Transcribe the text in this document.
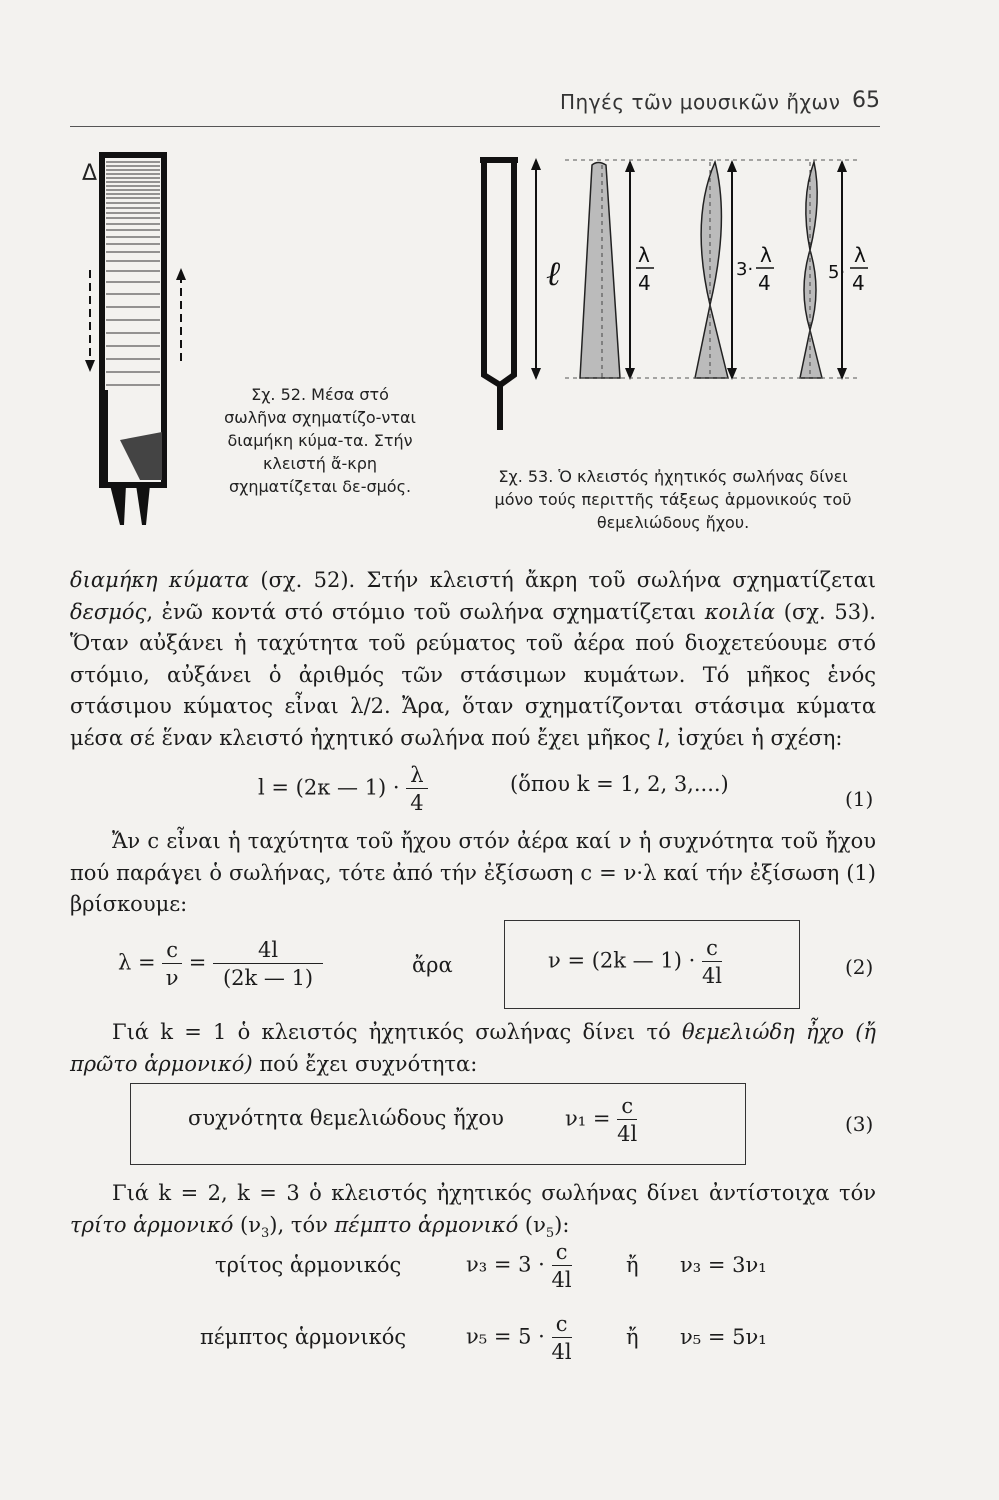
Πηγές τῶν μουσικῶν ἤχων 65
Δ
Σχ. 52. Μέσα στό σωλῆνα σχηματίζο-νται διαμήκη κύμα-τα. Στήν κλειστή ἄ-κρη σχηματίζεται δε-σμός.
ℓ	λ
4
3·
λ
4	5·
λ
4
Σχ. 53. Ὁ κλειστός ἠχητικός σωλήνας δίνει
μόνο τούς περιττῆς τάξεως ἁρμονικούς τοῦ
θεμελιώδους ἤχου.
διαμήκη κύματα (σχ. 52). Στήν κλειστή ἄκρη τοῦ σωλήνα σχηματίζεται δεσμός, ἐνῶ κοντά στό στόμιο τοῦ σωλήνα σχηματίζεται κοιλία (σχ. 53). Ὅταν αὐξάνει ἡ ταχύτητα τοῦ ρεύματος τοῦ ἀέρα πού διοχετεύουμε στό στόμιο, αὐξάνει ὁ ἀριθμός τῶν στάσιμων κυμάτων. Τό μῆκος ἑνός στάσιμου κύματος εἶναι λ/2. Ἄρα, ὅταν σχηματίζονται στάσιμα κύματα μέσα σέ ἕναν κλειστό ἠχητικό σωλήνα πού ἔχει μῆκος l, ἰσχύει ἡ σχέση:
l = (2κ — $1) \cdot \frac{\lambda}{4}$	(ὅπου k = 1, 2, 3,....)
(1)
Ἄν c εἶναι ἡ ταχύτητα τοῦ ἤχου στόν ἀέρα καί ν ἡ συχνότητα τοῦ ἤχου πού παράγει ὁ σωλήνας, τότε ἀπό τήν ἐξίσωση c = ν·λ καί τήν ἐξίσωση (1) βρίσκουμε:
$\lambda = \frac{c}{\nu} = \frac{4l}{(2k — 1)}$	ἄρα	ν = (2k — $1) \cdot \frac{c}{4l}$	(2)
Γιά k = 1 ὁ κλειστός ἠχητικός σωλήνας δίνει τό θεμελιώδη ἦχο (ἤ πρῶτο ἁρμονικό) πού ἔχει συχνότητα:
συχνότητα θεμελιώδους ἤχου	$\nu_1 = \frac{c}{4l}$	(3)
Γιά k = 2, k = 3 ὁ κλειστός ἠχητικός σωλήνας δίνει ἀντίστοιχα τόν τρίτο ἁρμονικό $(\nu_3)$, τόν πέμπτο ἁρμονικό $(\nu_5)$:
τρίτος ἁρμονικός	$\nu_3 = 3 \cdot \frac{c}{4l}$	ἤ ν₃ = 3ν₁
πέμπτος ἁρμονικός	$\nu_5 = 5 \cdot \frac{c}{4l}$	ἤ ν₅ = 5ν₁
